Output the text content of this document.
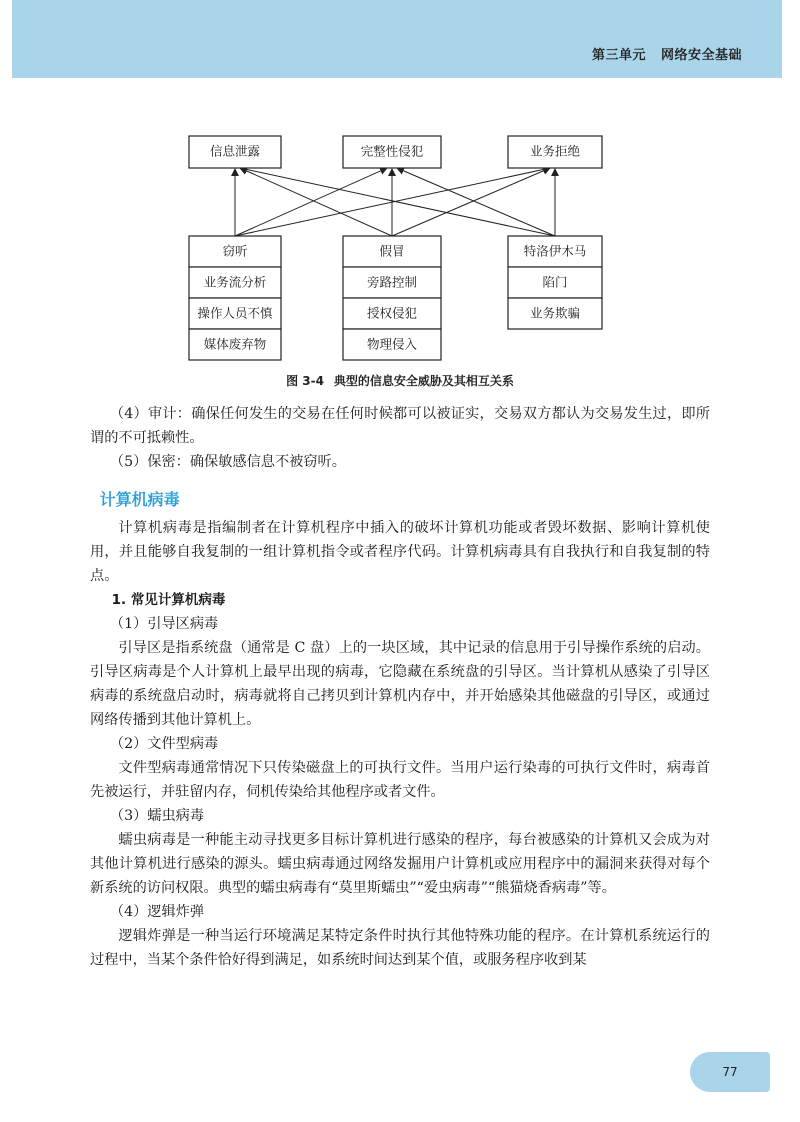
第三单元 网络安全基础
信息泄露	完整性侵犯	业务拒绝
窃听
业务流分析
操作人员不慎
媒体废弃物
假冒
旁路控制
授权侵犯
物理侵入
特洛伊木马
陷门
业务欺骗
图 3-4 典型的信息安全威胁及其相互关系

（4）审计：确保任何发生的交易在任何时候都可以被证实，交易双方都认为交易发生过，即所谓的不可抵赖性。

（5）保密：确保敏感信息不被窃听。

计算机病毒

计算机病毒是指编制者在计算机程序中插入的破坏计算机功能或者毁坏数据、影响计算机使用，并且能够自我复制的一组计算机指令或者程序代码。计算机病毒具有自我执行和自我复制的特点。

1. 常见计算机病毒

（1）引导区病毒

引导区是指系统盘（通常是 C 盘）上的一块区域，其中记录的信息用于引导操作系统的启动。引导区病毒是个人计算机上最早出现的病毒，它隐藏在系统盘的引导区。当计算机从感染了引导区病毒的系统盘启动时，病毒就将自己拷贝到计算机内存中，并开始感染其他磁盘的引导区，或通过网络传播到其他计算机上。

（2）文件型病毒

文件型病毒通常情况下只传染磁盘上的可执行文件。当用户运行染毒的可执行文件时，病毒首先被运行，并驻留内存，伺机传染给其他程序或者文件。

（3）蠕虫病毒

蠕虫病毒是一种能主动寻找更多目标计算机进行感染的程序，每台被感染的计算机又会成为对其他计算机进行感染的源头。蠕虫病毒通过网络发掘用户计算机或应用程序中的漏洞来获得对每个新系统的访问权限。典型的蠕虫病毒有“莫里斯蠕虫”“爱虫病毒”“熊猫烧香病毒”等。

（4）逻辑炸弹

逻辑炸弹是一种当运行环境满足某特定条件时执行其他特殊功能的程序。在计算机系统运行的过程中，当某个条件恰好得到满足，如系统时间达到某个值，或服务程序收到某

77
